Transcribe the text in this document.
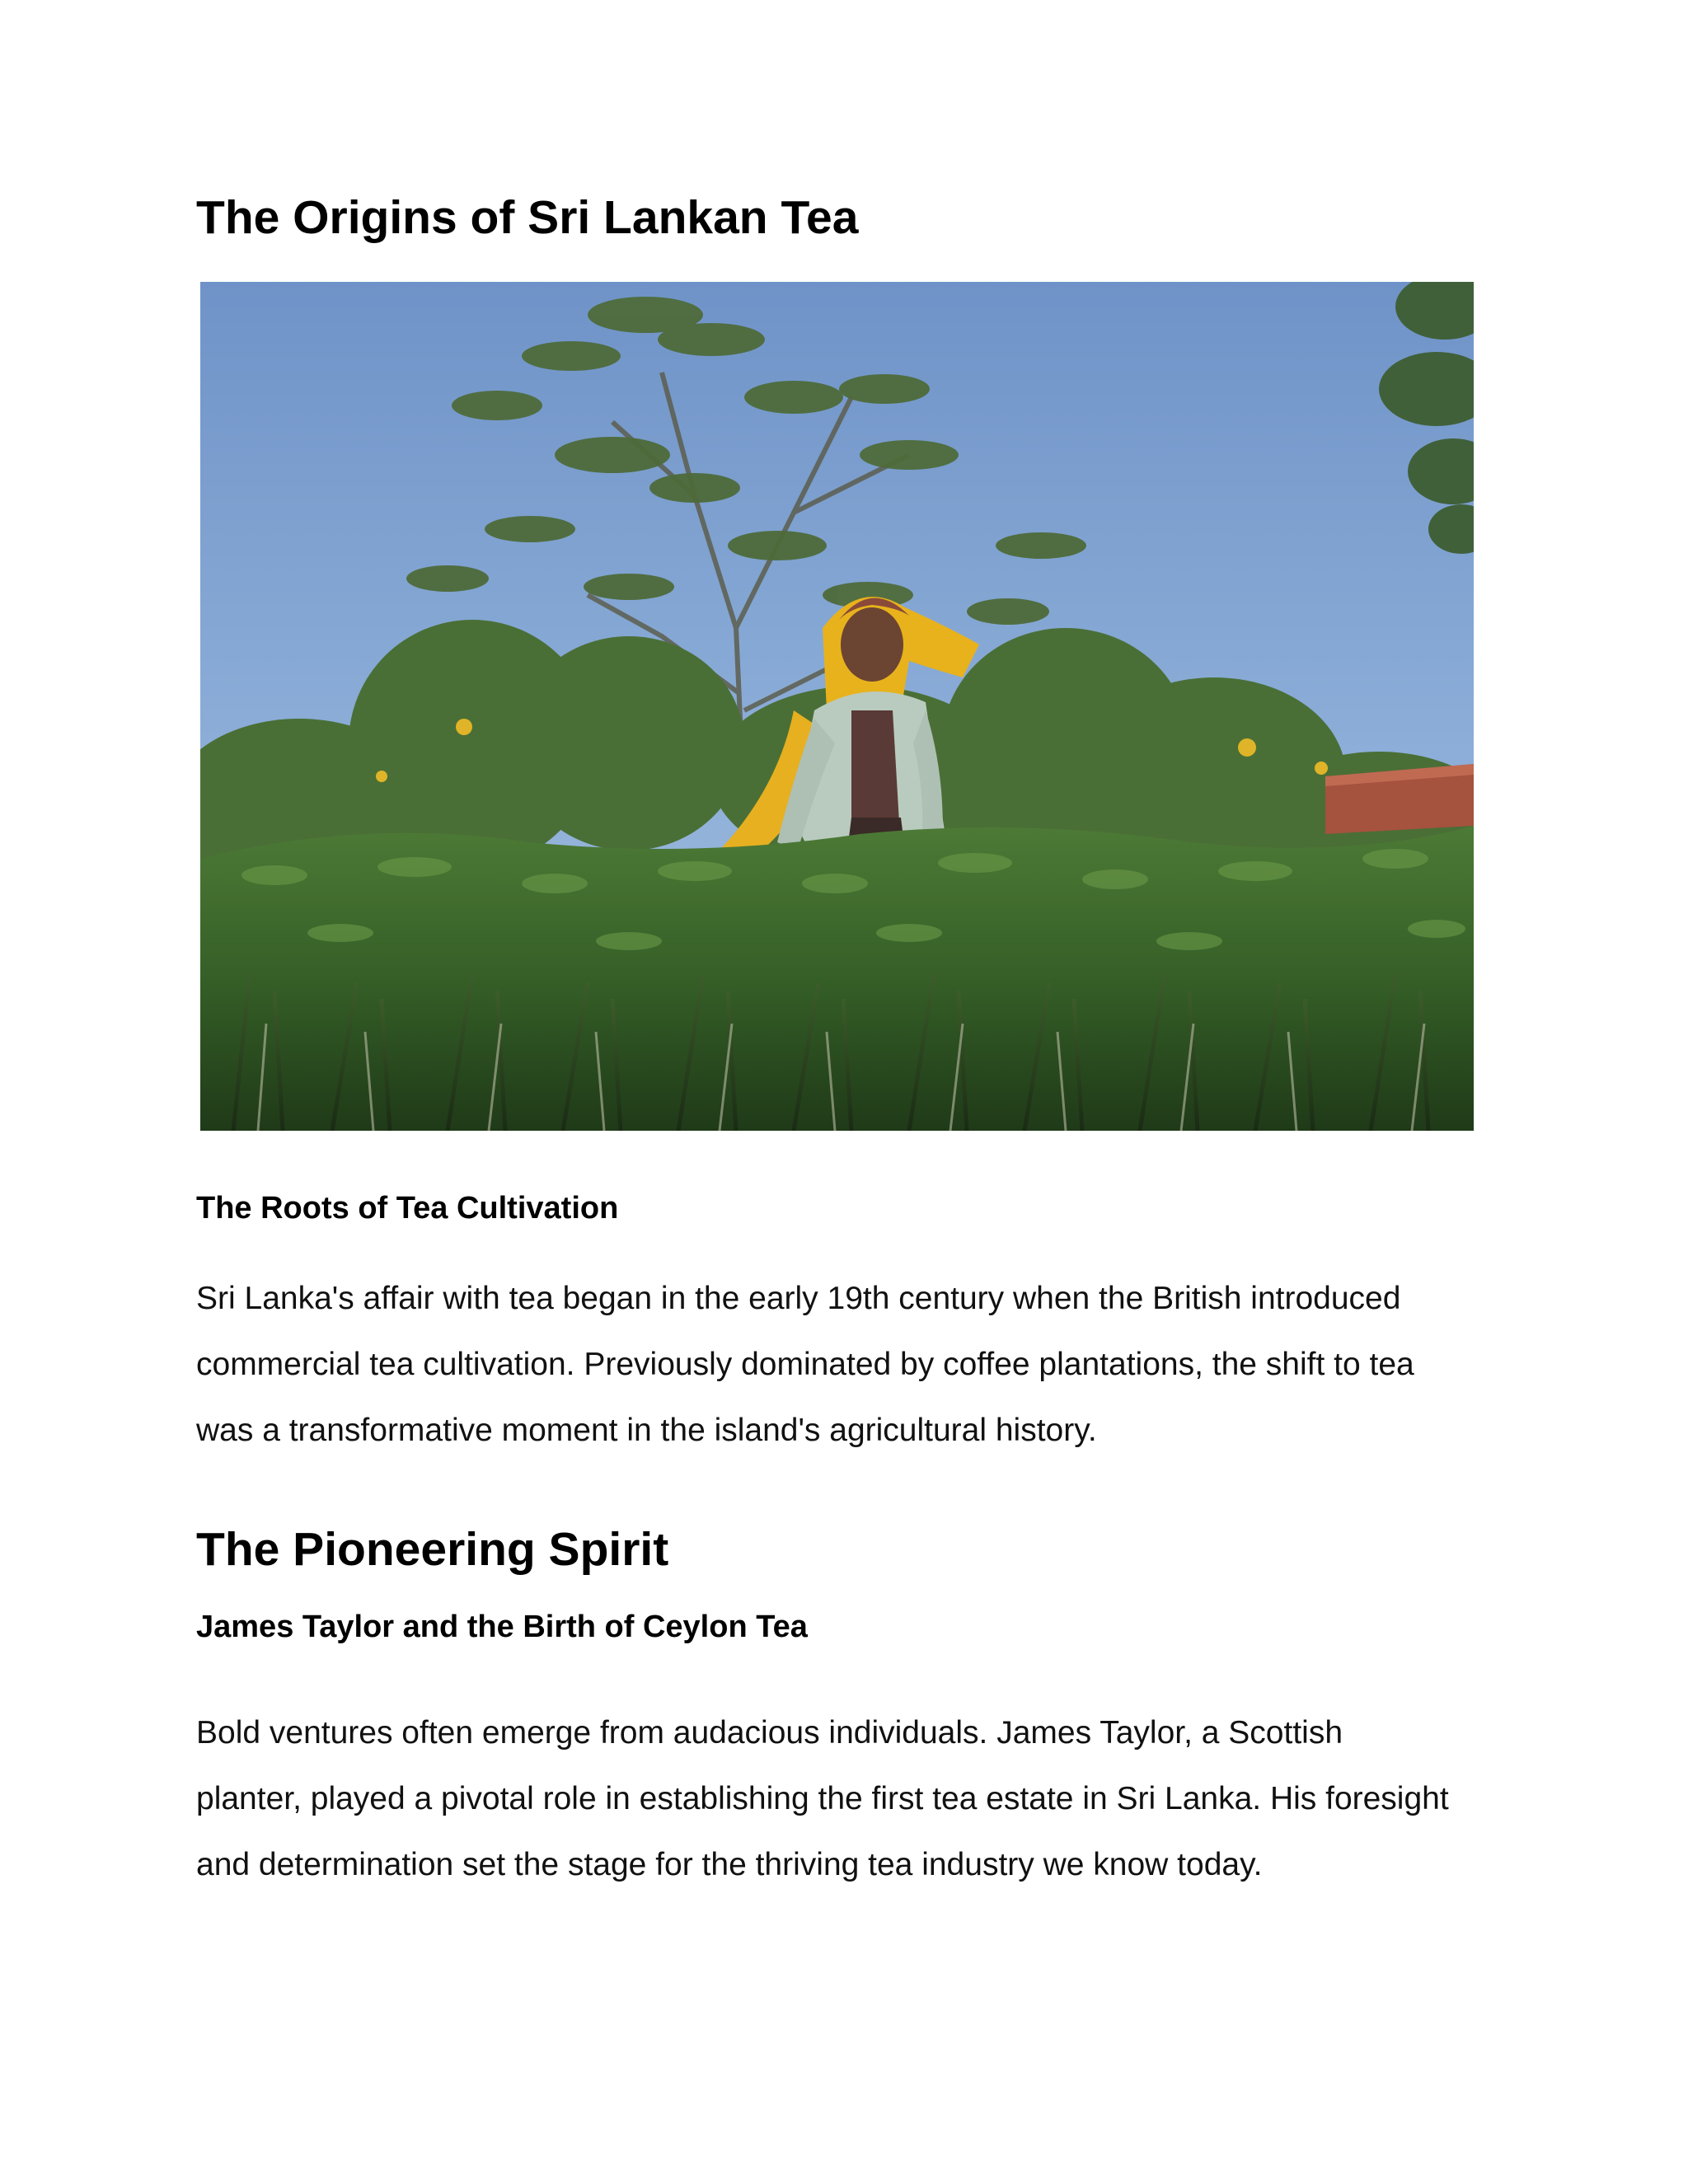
The Origins of Sri Lankan Tea
The Roots of Tea Cultivation
Sri Lanka's affair with tea began in the early 19th century when the British introduced
commercial tea cultivation. Previously dominated by coffee plantations, the shift to tea
was a transformative moment in the island's agricultural history.
The Pioneering Spirit
James Taylor and the Birth of Ceylon Tea
Bold ventures often emerge from audacious individuals. James Taylor, a Scottish
planter, played a pivotal role in establishing the first tea estate in Sri Lanka. His foresight
and determination set the stage for the thriving tea industry we know today.
